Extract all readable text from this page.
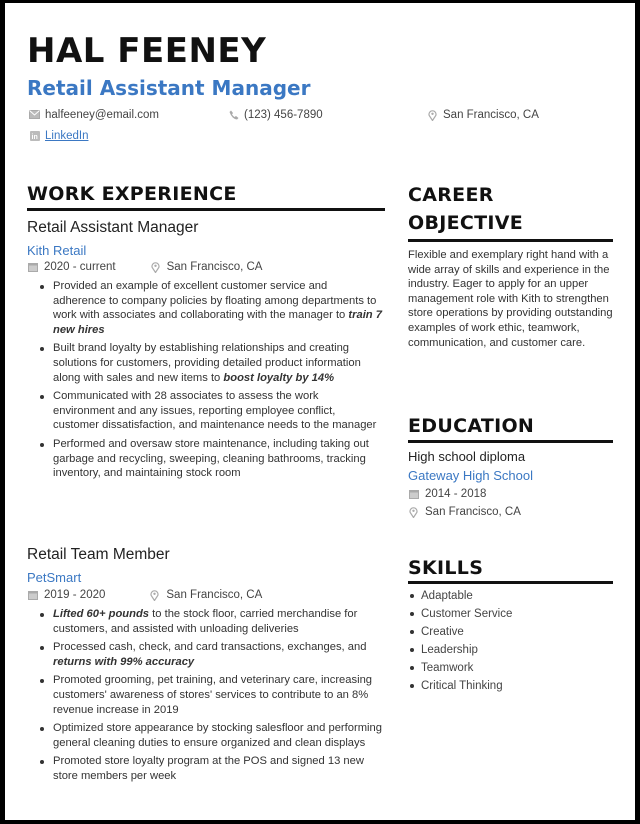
HAL FEENEY
Retail Assistant Manager
halfeeney@email.com	(123) 456-7890	San Francisco, CA
in LinkedIn
WORK EXPERIENCE
Retail Assistant Manager
Kith Retail
2020 - current	San Francisco, CA
Provided an example of excellent customer service and adherence to company policies by floating among departments to work with associates and collaborating with the manager to train 7 new hires
Built brand loyalty by establishing relationships and creating solutions for customers, providing detailed product information along with sales and new items to boost loyalty by 14%
Communicated with 28 associates to assess the work environment and any issues, reporting employee conflict, customer dissatisfaction, and maintenance needs to the manager
Performed and oversaw store maintenance, including taking out garbage and recycling, sweeping, cleaning bathrooms, tracking inventory, and maintaining stock room
Retail Team Member
PetSmart
2019 - 2020	San Francisco, CA
Lifted 60+ pounds to the stock floor, carried merchandise for customers, and assisted with unloading deliveries
Processed cash, check, and card transactions, exchanges, and returns with 99% accuracy
Promoted grooming, pet training, and veterinary care, increasing customers' awareness of stores' services to contribute to an 8% revenue increase in 2019
Optimized store appearance by stocking salesfloor and performing general cleaning duties to ensure organized and clean displays
Promoted store loyalty program at the POS and signed 13 new store members per week
CAREER
OBJECTIVE
Flexible and exemplary right hand with a wide array of skills and experience in the industry. Eager to apply for an upper management role with Kith to strengthen store operations by providing outstanding examples of work ethic, teamwork, communication, and customer care.
EDUCATION
High school diploma
Gateway High School
2014 - 2018
San Francisco, CA
SKILLS
Adaptable
Customer Service
Creative
Leadership
Teamwork
Critical Thinking
